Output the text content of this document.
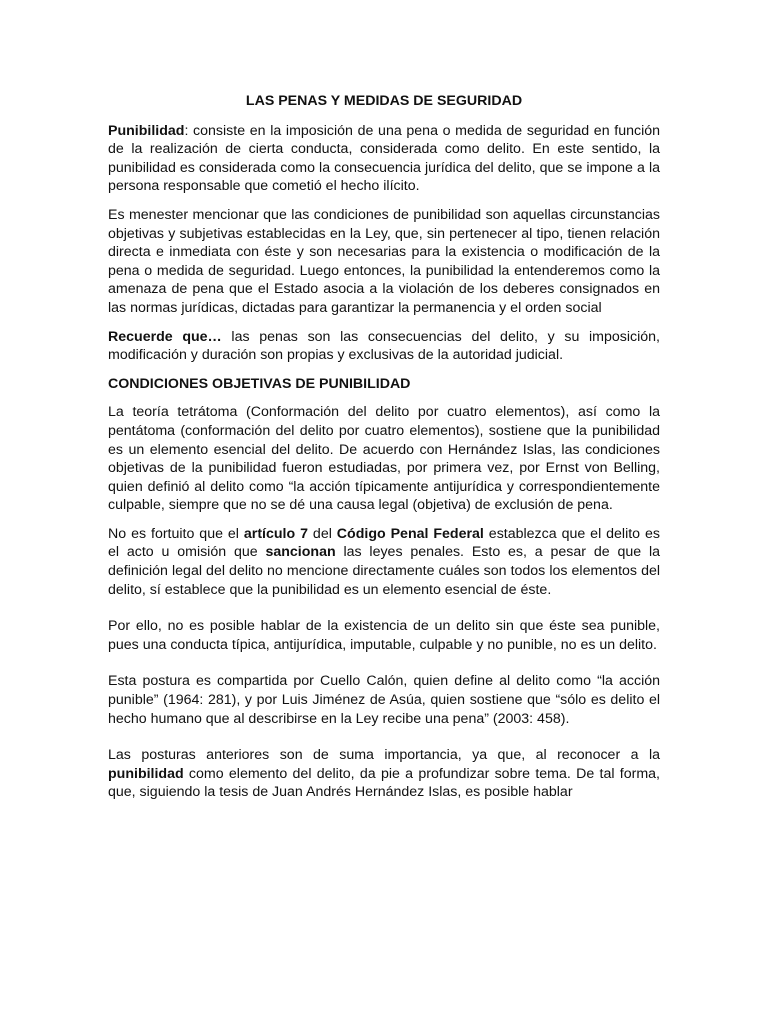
LAS PENAS Y MEDIDAS DE SEGURIDAD

Punibilidad: consiste en la imposición de una pena o medida de seguridad en función de la realización de cierta conducta, considerada como delito. En este sentido, la punibilidad es considerada como la consecuencia jurídica del delito, que se impone a la persona responsable que cometió el hecho ilícito.

Es menester mencionar que las condiciones de punibilidad son aquellas circunstancias objetivas y subjetivas establecidas en la Ley, que, sin pertenecer al tipo, tienen relación directa e inmediata con éste y son necesarias para la existencia o modificación de la pena o medida de seguridad. Luego entonces, la punibilidad la entenderemos como la amenaza de pena que el Estado asocia a la violación de los deberes consignados en las normas jurídicas, dictadas para garantizar la permanencia y el orden social

Recuerde que… las penas son las consecuencias del delito, y su imposición, modificación y duración son propias y exclusivas de la autoridad judicial.

CONDICIONES OBJETIVAS DE PUNIBILIDAD

La teoría tetrátoma (Conformación del delito por cuatro elementos), así como la pentátoma (conformación del delito por cuatro elementos), sostiene que la punibilidad es un elemento esencial del delito. De acuerdo con Hernández Islas, las condiciones objetivas de la punibilidad fueron estudiadas, por primera vez, por Ernst von Belling, quien definió al delito como “la acción típicamente antijurídica y correspondientemente culpable, siempre que no se dé una causa legal (objetiva) de exclusión de pena.

No es fortuito que el artículo 7 del Código Penal Federal establezca que el delito es el acto u omisión que sancionan las leyes penales. Esto es, a pesar de que la definición legal del delito no mencione directamente cuáles son todos los elementos del delito, sí establece que la punibilidad es un elemento esencial de éste.

Por ello, no es posible hablar de la existencia de un delito sin que éste sea punible, pues una conducta típica, antijurídica, imputable, culpable y no punible, no es un delito.

Esta postura es compartida por Cuello Calón, quien define al delito como “la acción punible” (1964: 281), y por Luis Jiménez de Asúa, quien sostiene que “sólo es delito el hecho humano que al describirse en la Ley recibe una pena” (2003: 458).

Las posturas anteriores son de suma importancia, ya que, al reconocer a la punibilidad como elemento del delito, da pie a profundizar sobre tema. De tal forma, que, siguiendo la tesis de Juan Andrés Hernández Islas, es posible hablar
